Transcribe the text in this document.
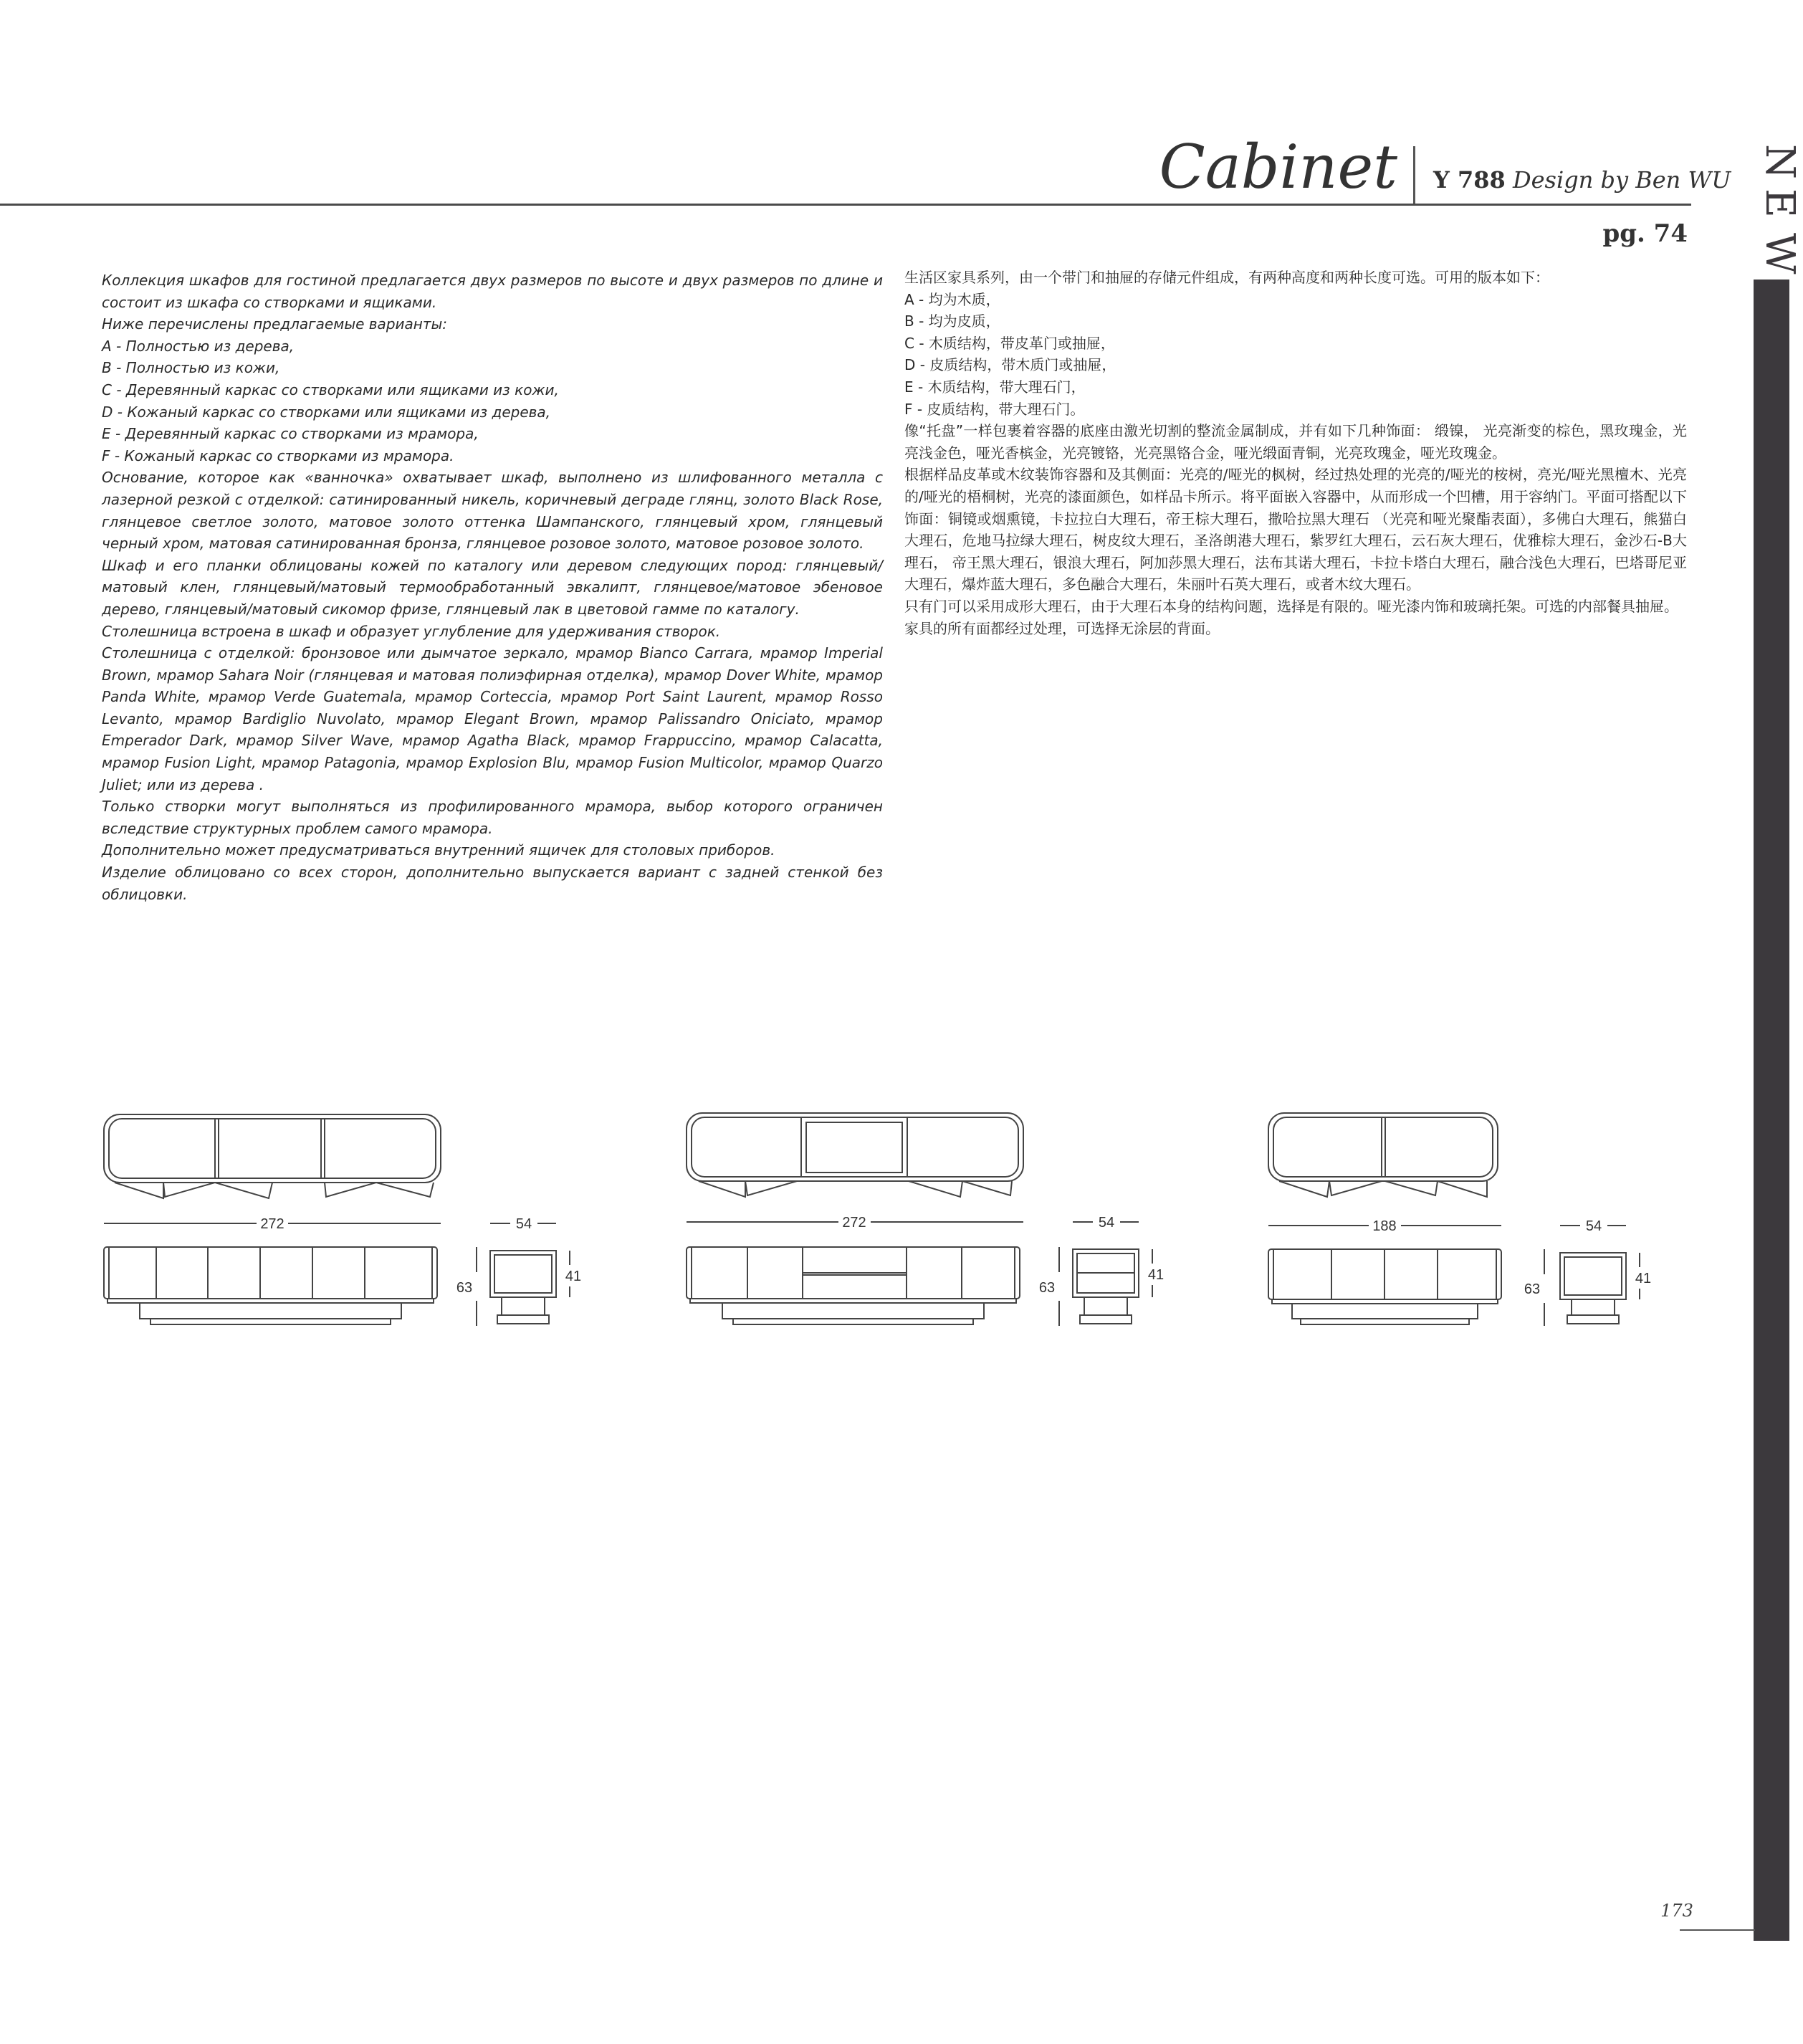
Cabinet Y 788 Design by Ben WU
pg. 74
N
E
W

Коллекция шкафов для гостиной предлагается двух размеров по высоте и двух размеров по длине и состоит из шкафа со створками и ящиками.

Ниже перечислены предлагаемые варианты:

A - Полностью из дерева,

B - Полностью из кожи,

C - Деревянный каркас со створками или ящиками из кожи,

D - Кожаный каркас со створками или ящиками из дерева,

E - Деревянный каркас со створками из мрамора,

F - Кожаный каркас со створками из мрамора.

Основание, которое как «ванночка» охватывает шкаф, выполнено из шлифованного металла с лазерной резкой с отделкой: сатинированный никель, коричневый деграде глянц, золото Black Rose, глянцевое светлое золото, матовое золото оттенка Шампанского, глянцевый хром, глянцевый черный хром, матовая сатинированная бронза, глянцевое розовое золото, матовое розовое золото.

Шкаф и его планки облицованы кожей по каталогу или деревом следующих пород: глянцевый/матовый клен, глянцевый/матовый термообработанный эвкалипт, глянцевое/матовое эбеновое дерево, глянцевый/матовый сикомор фризе, глянцевый лак в цветовой гамме по каталогу.

Столешница встроена в шкаф и образует углубление для удерживания створок.

Столешница с отделкой: бронзовое или дымчатое зеркало, мрамор Bianco Carrara, мрамор Imperial Brown, мрамор Sahara Noir (глянцевая и матовая полиэфирная отделка), мрамор Dover White, мрамор Panda White, мрамор Verde Guatemala, мрамор Corteccia, мрамор Port Saint Laurent, мрамор Rosso Levanto, мрамор Bardiglio Nuvolato, мрамор Elegant Brown, мрамор Palissandro Oniciato, мрамор Emperador Dark, мрамор Silver Wave, мрамор Agatha Black, мрамор Frappuccino, мрамор Calacatta, мрамор Fusion Light, мрамор Patagonia, мрамор Explosion Blu, мрамор Fusion Multicolor, мрамор Quarzo Juliet; или из дерева .

Только створки могут выполняться из профилированного мрамора, выбор которого ограничен вследствие структурных проблем самого мрамора.

Дополнительно может предусматриваться внутренний ящичек для столовых приборов.

Изделие облицовано со всех сторон, дополнительно выпускается вариант с задней стенкой без облицовки.

生活区家具系列，由一个带门和抽屉的存储元件组成，有两种高度和两种长度可选。可用的版本如下：

A - 均为木质，

B - 均为皮质，

C - 木质结构，带皮革门或抽屉，

D - 皮质结构，带木质门或抽屉，

E - 木质结构，带大理石门，

F - 皮质结构，带大理石门。

像“托盘”一样包裹着容器的底座由激光切割的整流金属制成，并有如下几种饰面： 缎镍， 光亮渐变的棕色，黑玫瑰金，光亮浅金色，哑光香槟金，光亮镀铬，光亮黑铬合金，哑光缎面青铜，光亮玫瑰金，哑光玫瑰金。

根据样品皮革或木纹装饰容器和及其侧面：光亮的/哑光的枫树，经过热处理的光亮的/哑光的桉树，亮光/哑光黑檀木、光亮的/哑光的梧桐树，光亮的漆面颜色，如样品卡所示。将平面嵌入容器中，从而形成一个凹槽，用于容纳门。平面可搭配以下饰面：铜镜或烟熏镜，卡拉拉白大理石，帝王棕大理石，撒哈拉黑大理石 （光亮和哑光聚酯表面），多佛白大理石，熊猫白大理石，危地马拉绿大理石，树皮纹大理石，圣洛朗港大理石，紫罗红大理石，云石灰大理石，优雅棕大理石，金沙石-B大理石， 帝王黑大理石，银浪大理石，阿加莎黑大理石，法布其诺大理石，卡拉卡塔白大理石，融合浅色大理石，巴塔哥尼亚大理石，爆炸蓝大理石，多色融合大理石，朱丽叶石英大理石，或者木纹大理石。

只有门可以采用成形大理石，由于大理石本身的结构问题，选择是有限的。哑光漆内饰和玻璃托架。可选的内部餐具抽屉。

家具的所有面都经过处理，可选择无涂层的背面。

272	54
63
41
272	54
63
41
188	54
63
41
173
